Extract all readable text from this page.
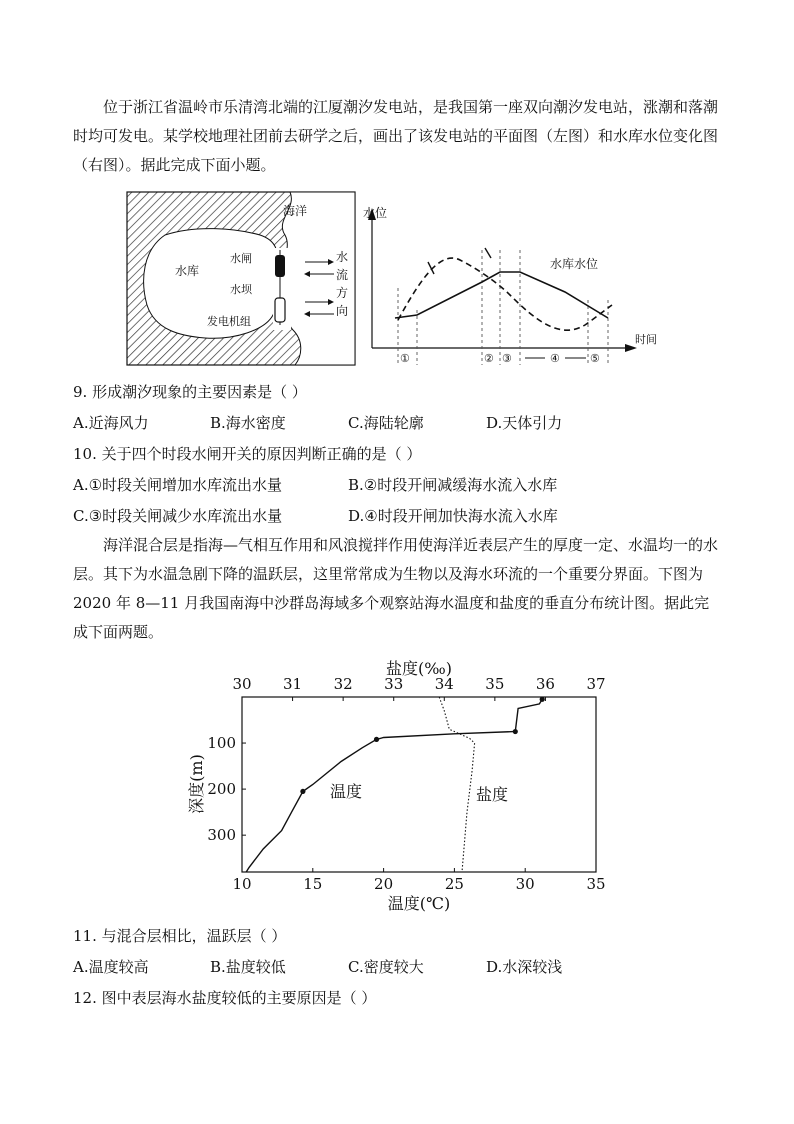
位于浙江省温岭市乐清湾北端的江厦潮汐发电站，是我国第一座双向潮汐发电站，涨潮和落潮时均可发电。某学校地理社团前去研学之后，画出了该发电站的平面图（左图）和水库水位变化图（右图）。据此完成下面小题。
海洋
水库
水闸
水坝
发电机组
水
流
方
向
水位
时间
水库水位
①	② ③	④	⑤
9. 形成潮汐现象的主要因素是（ ）
A.近海风力	B.海水密度	C.海陆轮廓	D.天体引力
10. 关于四个时段水闸开关的原因判断正确的是（ ）
A.①时段关闸增加水库流出水量	B.②时段开闸减缓海水流入水库
C.③时段关闸减少水库流出水量	D.④时段开闸加快海水流入水库
海洋混合层是指海—气相互作用和风浪搅拌作用使海洋近表层产生的厚度一定、水温均一的水层。其下为水温急剧下降的温跃层，这里常常成为生物以及海水环流的一个重要分界面。下图为 2020 年 8—11 月我国南海中沙群岛海域多个观察站海水温度和盐度的垂直分布统计图。据此完成下面两题。
盐度(‰)
温度(℃)
深度(m)
30 31 32 33 34 35 36 37
10	15	20	25	30	35
100
200
300
温度	盐度
11. 与混合层相比，温跃层（ ）
A.温度较高	B.盐度较低	C.密度较大	D.水深较浅
12. 图中表层海水盐度较低的主要原因是（ ）
